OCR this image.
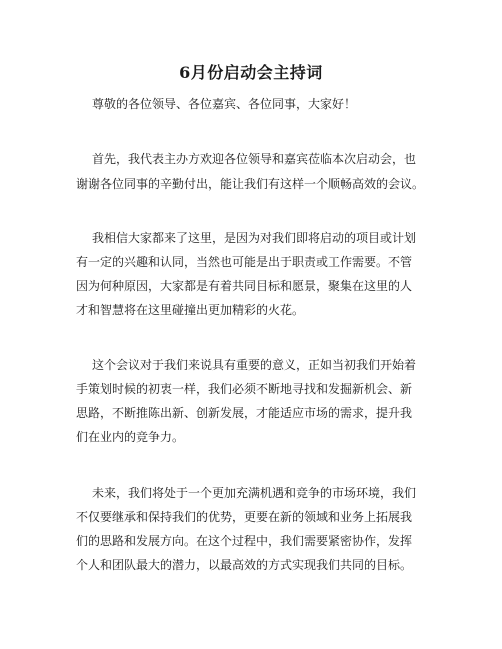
6月份启动会主持词
尊敬的各位领导、各位嘉宾、各位同事，大家好！
首先，我代表主办方欢迎各位领导和嘉宾莅临本次启动会，也
谢谢各位同事的辛勤付出，能让我们有这样一个顺畅高效的会议。
我相信大家都来了这里，是因为对我们即将启动的项目或计划
有一定的兴趣和认同，当然也可能是出于职责或工作需要。不管
因为何种原因，大家都是有着共同目标和愿景，聚集在这里的人
才和智慧将在这里碰撞出更加精彩的火花。
这个会议对于我们来说具有重要的意义，正如当初我们开始着
手策划时候的初衷一样，我们必须不断地寻找和发掘新机会、新
思路，不断推陈出新、创新发展，才能适应市场的需求，提升我
们在业内的竞争力。
未来，我们将处于一个更加充满机遇和竞争的市场环境，我们
不仅要继承和保持我们的优势，更要在新的领域和业务上拓展我
们的思路和发展方向。在这个过程中，我们需要紧密协作，发挥
个人和团队最大的潜力，以最高效的方式实现我们共同的目标。
